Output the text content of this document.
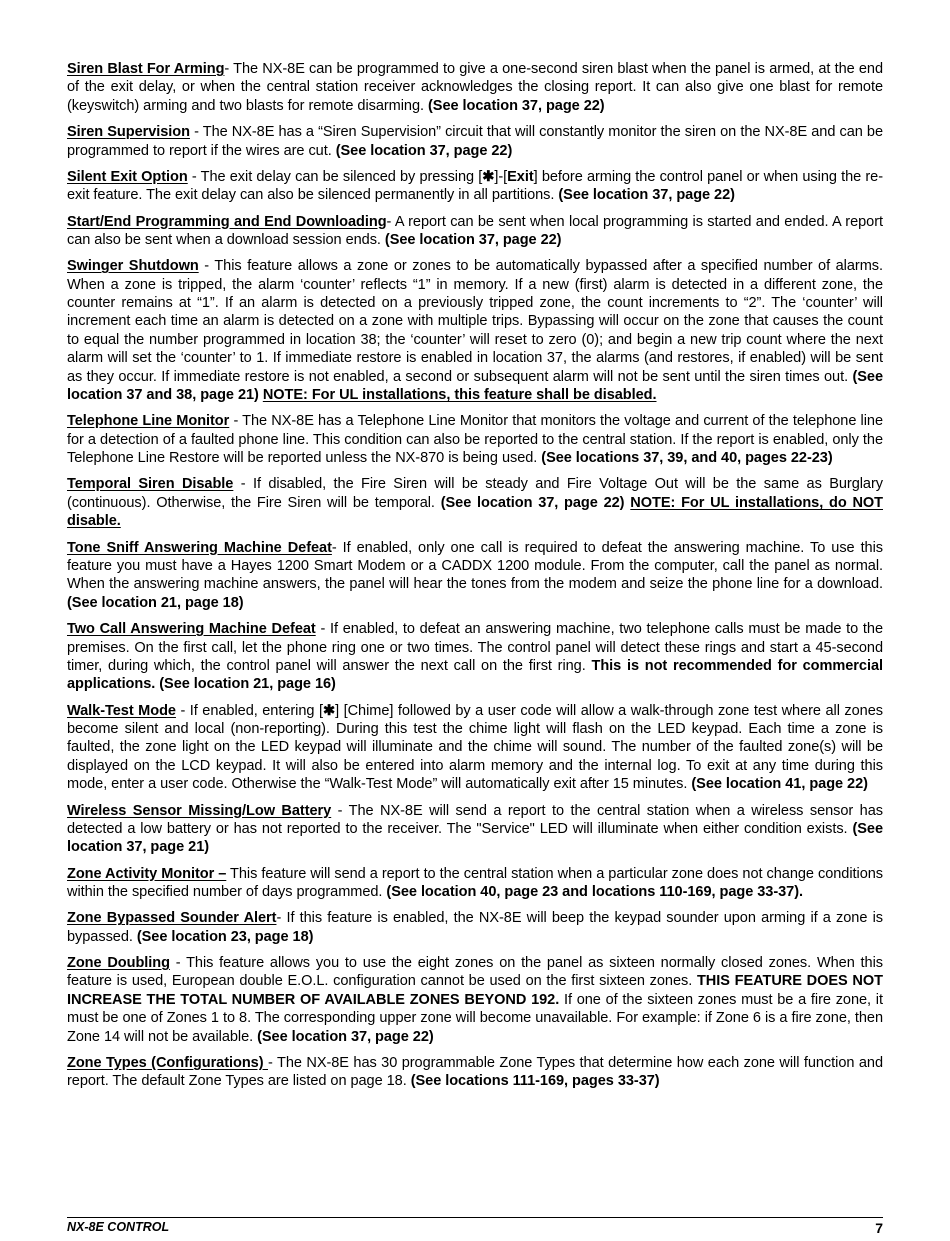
Siren Blast For Arming- The NX-8E can be programmed to give a one-second siren blast when the panel is armed, at the end of the exit delay, or when the central station receiver acknowledges the closing report. It can also give one blast for remote (keyswitch) arming and two blasts for remote disarming. (See location 37, page 22)

Siren Supervision - The NX-8E has a “Siren Supervision” circuit that will constantly monitor the siren on the NX-8E and can be programmed to report if the wires are cut. (See location 37, page 22)

Silent Exit Option - The exit delay can be silenced by pressing [✱]-[Exit] before arming the control panel or when using the re-exit feature. The exit delay can also be silenced permanently in all partitions. (See location 37, page 22)

Start/End Programming and End Downloading- A report can be sent when local programming is started and ended. A report can also be sent when a download session ends. (See location 37, page 22)

Swinger Shutdown - This feature allows a zone or zones to be automatically bypassed after a specified number of alarms. When a zone is tripped, the alarm ‘counter’ reflects “1” in memory. If a new (first) alarm is detected in a different zone, the counter remains at “1”. If an alarm is detected on a previously tripped zone, the count increments to “2”. The ‘counter’ will increment each time an alarm is detected on a zone with multiple trips. Bypassing will occur on the zone that causes the count to equal the number programmed in location 38; the ‘counter’ will reset to zero (0); and begin a new trip count where the next alarm will set the ‘counter’ to 1. If immediate restore is enabled in location 37, the alarms (and restores, if enabled) will be sent as they occur. If immediate restore is not enabled, a second or subsequent alarm will not be sent until the siren times out. (See location 37 and 38, page 21) NOTE: For UL installations, this feature shall be disabled.

Telephone Line Monitor - The NX-8E has a Telephone Line Monitor that monitors the voltage and current of the telephone line for a detection of a faulted phone line. This condition can also be reported to the central station. If the report is enabled, only the Telephone Line Restore will be reported unless the NX-870 is being used. (See locations 37, 39, and 40, pages 22-23)

Temporal Siren Disable - If disabled, the Fire Siren will be steady and Fire Voltage Out will be the same as Burglary (continuous). Otherwise, the Fire Siren will be temporal. (See location 37, page 22) NOTE: For UL installations, do NOT disable.

Tone Sniff Answering Machine Defeat- If enabled, only one call is required to defeat the answering machine. To use this feature you must have a Hayes 1200 Smart Modem or a CADDX 1200 module. From the computer, call the panel as normal. When the answering machine answers, the panel will hear the tones from the modem and seize the phone line for a download. (See location 21, page 18)

Two Call Answering Machine Defeat - If enabled, to defeat an answering machine, two telephone calls must be made to the premises. On the first call, let the phone ring one or two times. The control panel will detect these rings and start a 45-second timer, during which, the control panel will answer the next call on the first ring. This is not recommended for commercial applications. (See location 21, page 16)

Walk-Test Mode - If enabled, entering [✱] [Chime] followed by a user code will allow a walk-through zone test where all zones become silent and local (non-reporting). During this test the chime light will flash on the LED keypad. Each time a zone is faulted, the zone light on the LED keypad will illuminate and the chime will sound. The number of the faulted zone(s) will be displayed on the LCD keypad. It will also be entered into alarm memory and the internal log. To exit at any time during this mode, enter a user code. Otherwise the “Walk-Test Mode” will automatically exit after 15 minutes. (See location 41, page 22)

Wireless Sensor Missing/Low Battery - The NX-8E will send a report to the central station when a wireless sensor has detected a low battery or has not reported to the receiver. The "Service" LED will illuminate when either condition exists. (See location 37, page 21)

Zone Activity Monitor – This feature will send a report to the central station when a particular zone does not change conditions within the specified number of days programmed. (See location 40, page 23 and locations 110-169, page 33-37).

Zone Bypassed Sounder Alert- If this feature is enabled, the NX-8E will beep the keypad sounder upon arming if a zone is bypassed. (See location 23, page 18)

Zone Doubling - This feature allows you to use the eight zones on the panel as sixteen normally closed zones. When this feature is used, European double E.O.L. configuration cannot be used on the first sixteen zones. THIS FEATURE DOES NOT INCREASE THE TOTAL NUMBER OF AVAILABLE ZONES BEYOND 192. If one of the sixteen zones must be a fire zone, it must be one of Zones 1 to 8. The corresponding upper zone will become unavailable. For example: if Zone 6 is a fire zone, then Zone 14 will not be available. (See location 37, page 22)

Zone Types (Configurations) - The NX-8E has 30 programmable Zone Types that determine how each zone will function and report. The default Zone Types are listed on page 18. (See locations 111-169, pages 33-37)

NX-8E CONTROL	7
